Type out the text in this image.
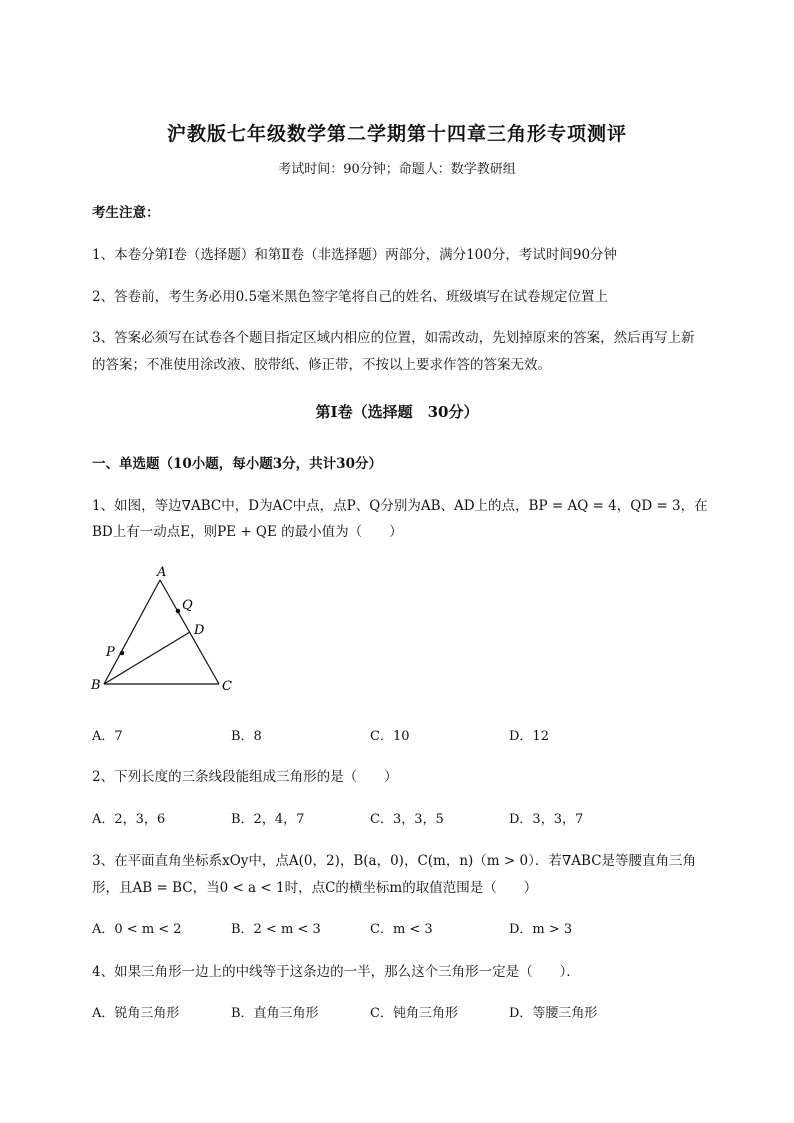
沪教版七年级数学第二学期第十四章三角形专项测评
考试时间：90分钟；命题人：数学教研组
考生注意：
1、本卷分第Ⅰ卷（选择题）和第Ⅱ卷（非选择题）两部分，满分100分，考试时间90分钟
2、答卷前，考生务必用0.5毫米黑色签字笔将自己的姓名、班级填写在试卷规定位置上
3、答案必须写在试卷各个题目指定区域内相应的位置，如需改动，先划掉原来的答案，然后再写上新
的答案；不准使用涂改液、胶带纸、修正带，不按以上要求作答的答案无效。
第Ⅰ卷（选择题　30分）
一、单选题（10小题，每小题3分，共计30分）
1、如图，等边∇ABC中，D为AC中点，点P、Q分别为AB、AD上的点，BP = AQ = 4，QD = 3，在
BD上有一动点E，则PE + QE 的最小值为（　　）
A
B	C
D
P
Q
A．7	B．8	C．10	D．12
2、下列长度的三条线段能组成三角形的是（　　）
A．2，3，6	B．2，4，7	C．3，3，5	D．3，3，7
3、在平面直角坐标系xOy中，点A(0，2)，B(a，0)，C(m，n)（m > 0）．若∇ABC是等腰直角三角
形，且AB = BC，当0 < a < 1时，点C的横坐标m的取值范围是（　　）
A．0 < m < 2	B．2 < m < 3	C．m < 3	D．m > 3
4、如果三角形一边上的中线等于这条边的一半，那么这个三角形一定是（　　）．
A．锐角三角形	B．直角三角形	C．钝角三角形	D．等腰三角形
